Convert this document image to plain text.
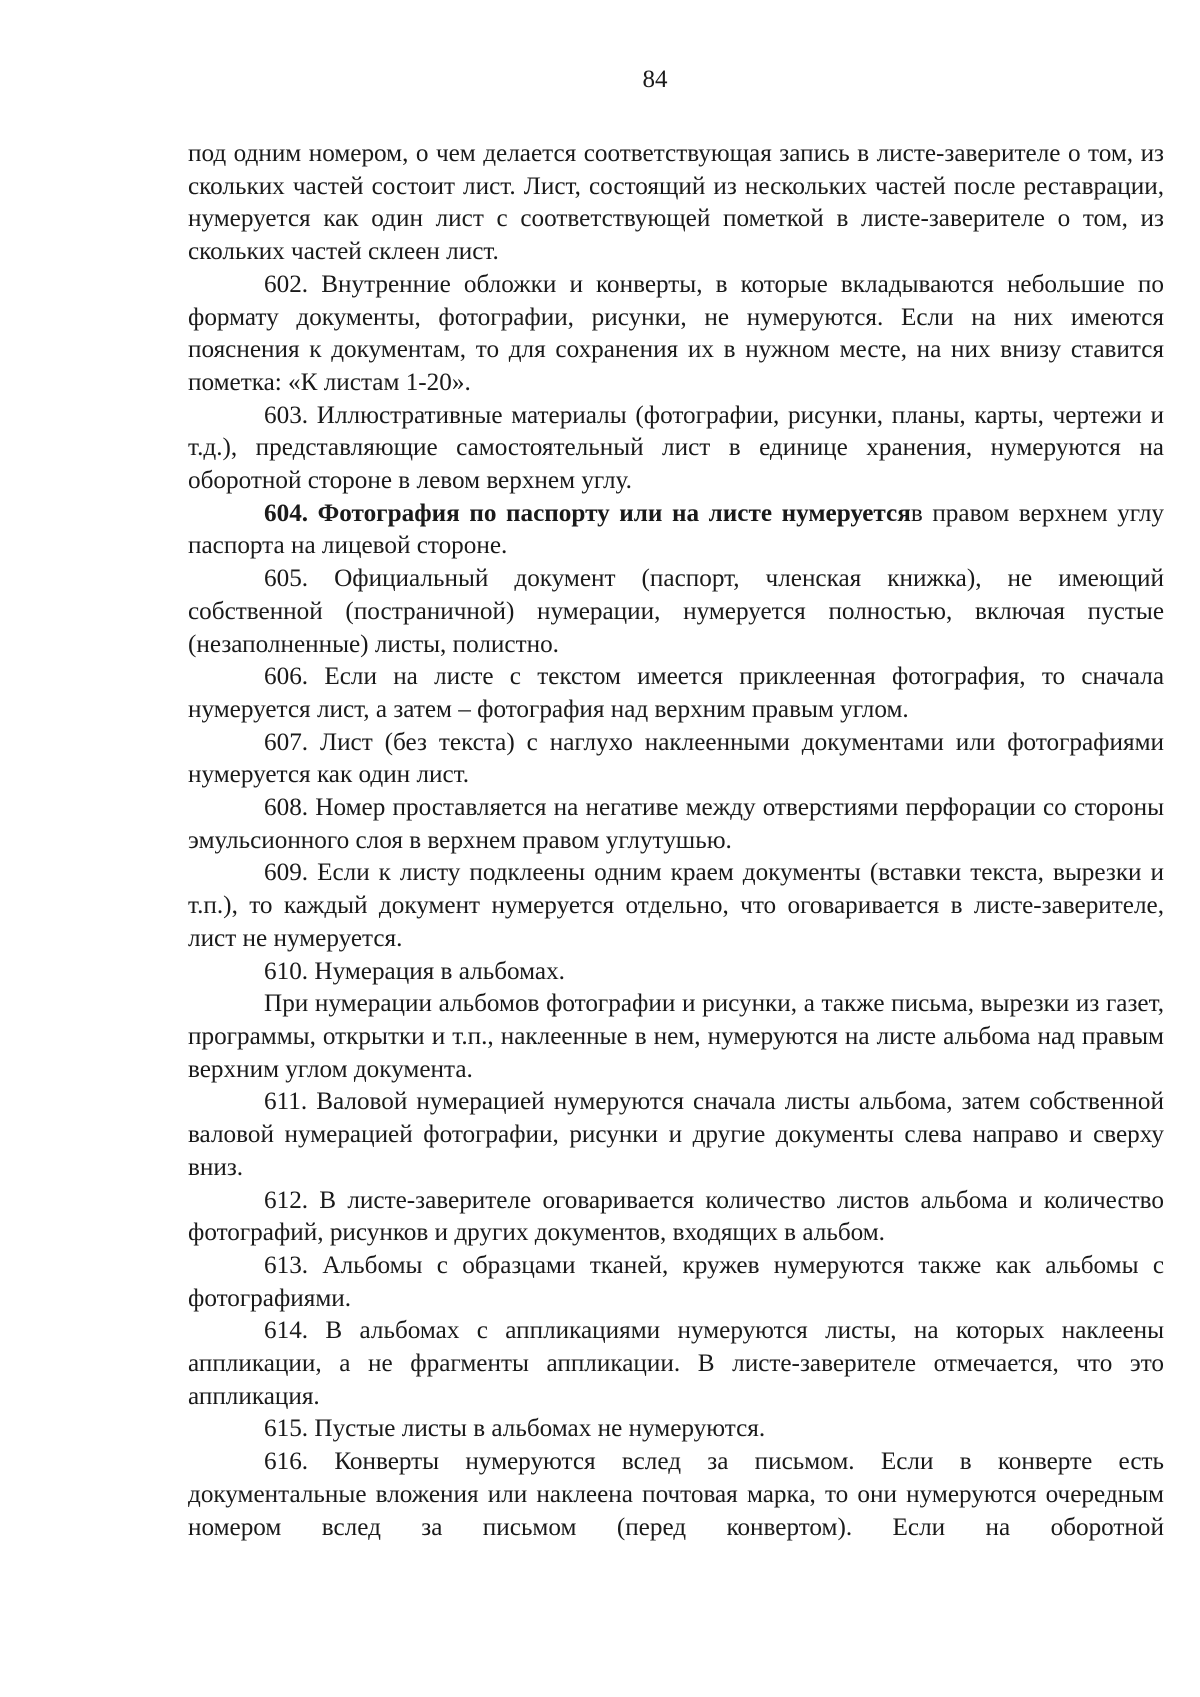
84

под одним номером, о чем делается соответствующая запись в листе-заверителе о том, из скольких частей состоит лист. Лист, состоящий из нескольких частей после реставрации, нумеруется как один лист с соответствующей пометкой в листе-заверителе о том, из скольких частей склеен лист.

602. Внутренние обложки и конверты, в которые вкладываются небольшие по формату документы, фотографии, рисунки, не нумеруются. Если на них имеются пояснения к документам, то для сохранения их в нужном месте, на них внизу ставится пометка: «К листам 1-20».

603. Иллюстративные материалы (фотографии, рисунки, планы, карты, чертежи и т.д.), представляющие самостоятельный лист в единице хранения, нумеруются на оборотной стороне в левом верхнем углу.

604. Фотография по паспорту или на листе нумеруетсяв правом верхнем углу паспорта на лицевой стороне.

605. Официальный документ (паспорт, членская книжка), не имеющий собственной (постраничной) нумерации, нумеруется полностью, включая пустые (незаполненные) листы, полистно.

606. Если на листе с текстом имеется приклеенная фотография, то сначала нумеруется лист, а затем – фотография над верхним правым углом.

607. Лист (без текста) с наглухо наклеенными документами или фотографиями нумеруется как один лист.

608. Номер проставляется на негативе между отверстиями перфорации со стороны эмульсионного слоя в верхнем правом углутушью.

609. Если к листу подклеены одним краем документы (вставки текста, вырезки и т.п.), то каждый документ нумеруется отдельно, что оговаривается в листе-заверителе, лист не нумеруется.

610. Нумерация в альбомах.

При нумерации альбомов фотографии и рисунки, а также письма, вырезки из газет, программы, открытки и т.п., наклеенные в нем, нумеруются на листе альбома над правым верхним углом документа.

611. Валовой нумерацией нумеруются сначала листы альбома, затем собственной валовой нумерацией фотографии, рисунки и другие документы слева направо и сверху вниз.

612. В листе-заверителе оговаривается количество листов альбома и количество фотографий, рисунков и других документов, входящих в альбом.

613. Альбомы с образцами тканей, кружев нумеруются также как альбомы с фотографиями.

614. В альбомах с аппликациями нумеруются листы, на которых наклеены аппликации, а не фрагменты аппликации. В листе-заверителе отмечается, что это аппликация.

615. Пустые листы в альбомах не нумеруются.

616. Конверты нумеруются вслед за письмом. Если в конверте есть документальные вложения или наклеена почтовая марка, то они нумеруются очередным номером вслед за письмом (перед конвертом). Если на оборотной
